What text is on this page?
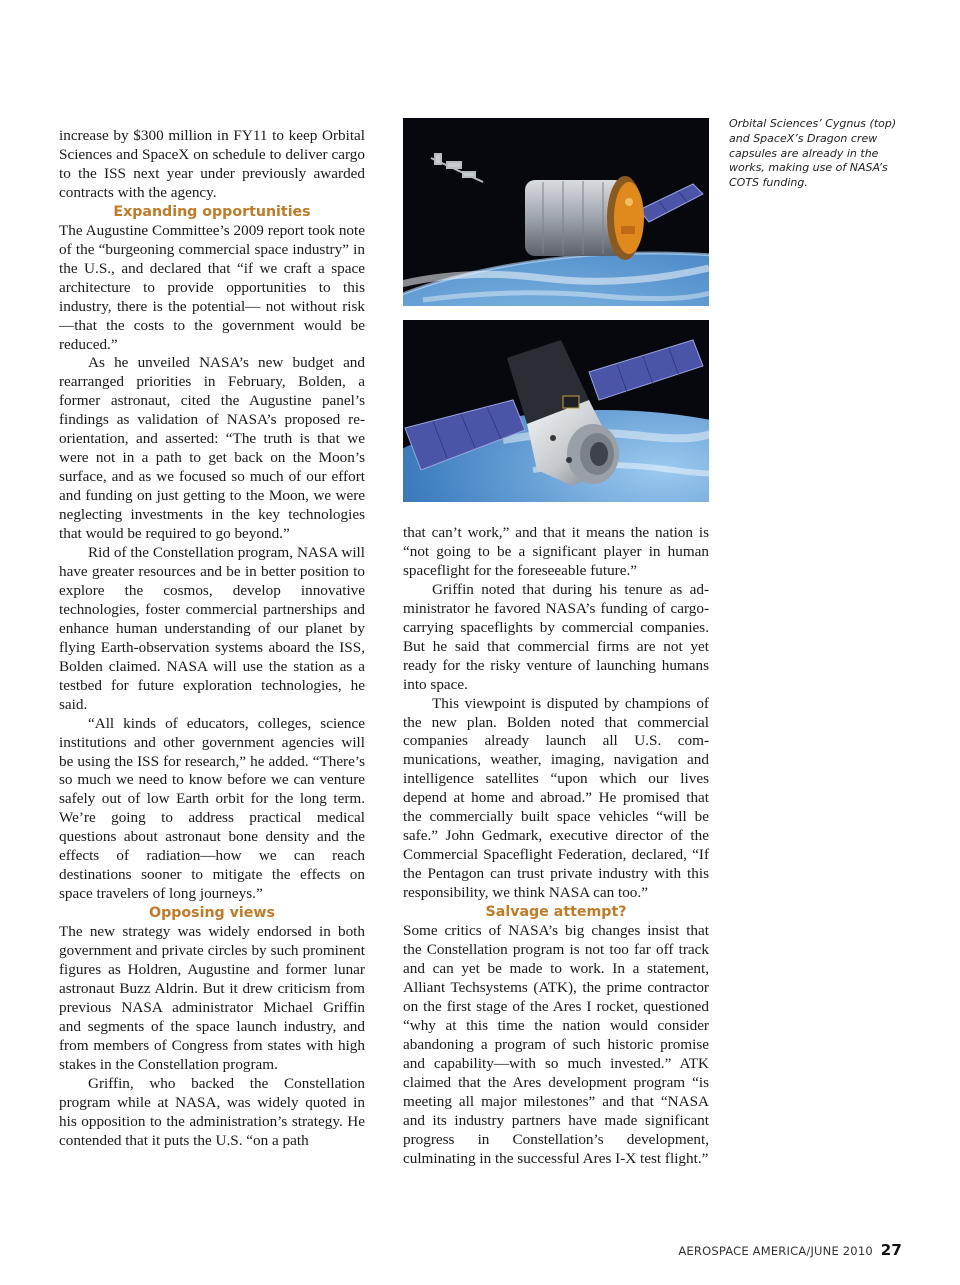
increase by $300 million in FY11 to keep Orbital Sciences and SpaceX on schedule to deliver cargo to the ISS next year under previously awarded contracts with the agency.

Expanding opportunities

The Augustine Committee’s 2009 report took note of the “burgeoning commercial space industry” in the U.S., and declared that “if we craft a space architecture to provide opportunities to this industry, there is the potential— not without risk—that the costs to the government would be reduced.”

As he unveiled NASA’s new budget and rearranged priorities in February, Bolden, a former astronaut, cited the Augustine panel’s findings as validation of NASA’s proposed reorientation, and asserted: “The truth is that we were not in a path to get back on the Moon’s surface, and as we focused so much of our effort and funding on just getting to the Moon, we were neglecting investments in the key technologies that would be required to go beyond.”

Rid of the Constellation program, NASA will have greater resources and be in better position to explore the cosmos, develop innovative technologies, foster commercial partnerships and enhance human understanding of our planet by flying Earth-observation systems aboard the ISS, Bolden claimed. NASA will use the station as a testbed for future exploration technologies, he said.

“All kinds of educators, colleges, science institutions and other government agencies will be using the ISS for research,” he added. “There’s so much we need to know before we can venture safely out of low Earth orbit for the long term. We’re going to address practical medical questions about astronaut bone density and the effects of radiation—how we can reach destinations sooner to mitigate the effects on space travelers of long journeys.”

Opposing views

The new strategy was widely endorsed in both government and private circles by such prominent figures as Holdren, Augustine and former lunar astronaut Buzz Aldrin. But it drew criticism from previous NASA administrator Michael Griffin and segments of the space launch industry, and from members of Congress from states with high stakes in the Constellation program.

Griffin, who backed the Constellation program while at NASA, was widely quoted in his opposition to the administration’s strategy. He contended that it puts the U.S. “on a path

Orbital Sciences’ Cygnus (top) and SpaceX’s Dragon crew capsules are already in the works, making use of NASA’s COTS funding.

that can’t work,” and that it means the nation is “not going to be a significant player in human spaceflight for the foreseeable future.”

Griffin noted that during his tenure as administrator he favored NASA’s funding of cargo-carrying spaceflights by commercial companies. But he said that commercial firms are not yet ready for the risky venture of launching humans into space.

This viewpoint is disputed by champions of the new plan. Bolden noted that commercial companies already launch all U.S. communications, weather, imaging, navigation and intelligence satellites “upon which our lives depend at home and abroad.” He promised that the commercially built space vehicles “will be safe.” John Gedmark, executive director of the Commercial Spaceflight Federation, declared, “If the Pentagon can trust private industry with this responsibility, we think NASA can too.”

Salvage attempt?

Some critics of NASA’s big changes insist that the Constellation program is not too far off track and can yet be made to work. In a statement, Alliant Techsystems (ATK), the prime contractor on the first stage of the Ares I rocket, questioned “why at this time the nation would consider abandoning a program of such historic promise and capability—with so much invested.” ATK claimed that the Ares development program “is meeting all major milestones” and that “NASA and its industry partners have made significant progress in Constellation’s development, culminating in the successful Ares I-X test flight.”

AEROSPACE AMERICA/JUNE 2010 27
